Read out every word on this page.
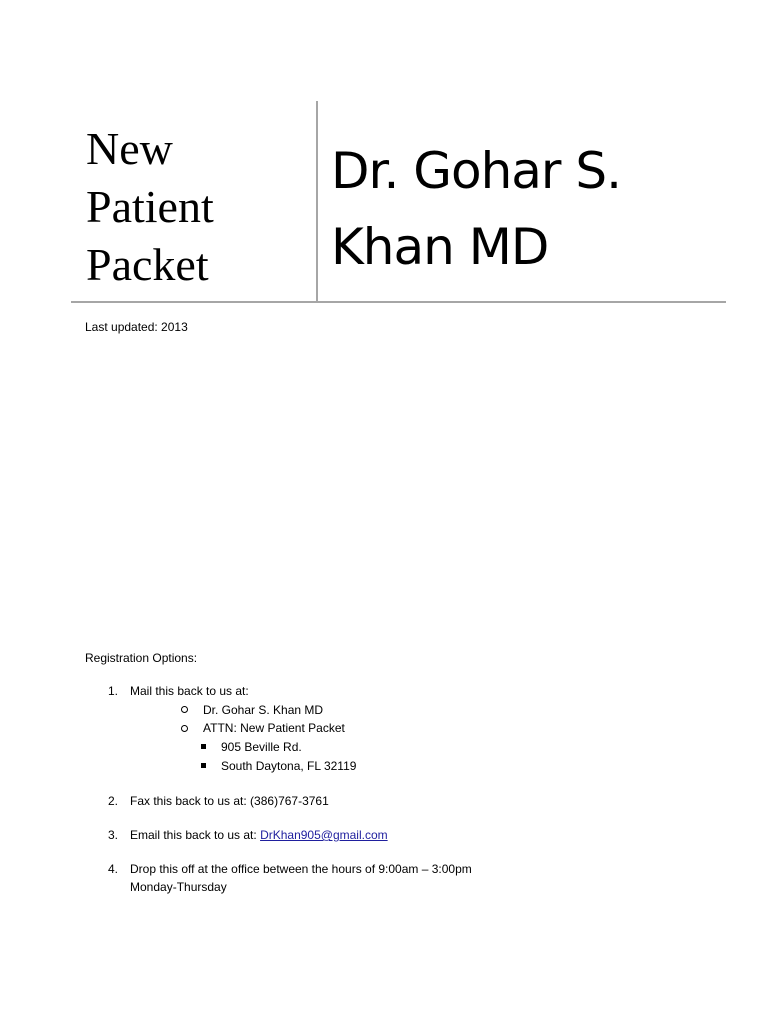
New
Patient
Packet
Dr. Gohar S.
Khan MD
Last updated: 2013
Registration Options:
1. Mail this back to us at:
Dr. Gohar S. Khan MD
ATTN: New Patient Packet
905 Beville Rd.
South Daytona, FL 32119
2. Fax this back to us at: (386)767-3761
3. Email this back to us at: DrKhan905@gmail.com
4. Drop this off at the office between the hours of 9:00am – 3:00pm
Monday-Thursday
